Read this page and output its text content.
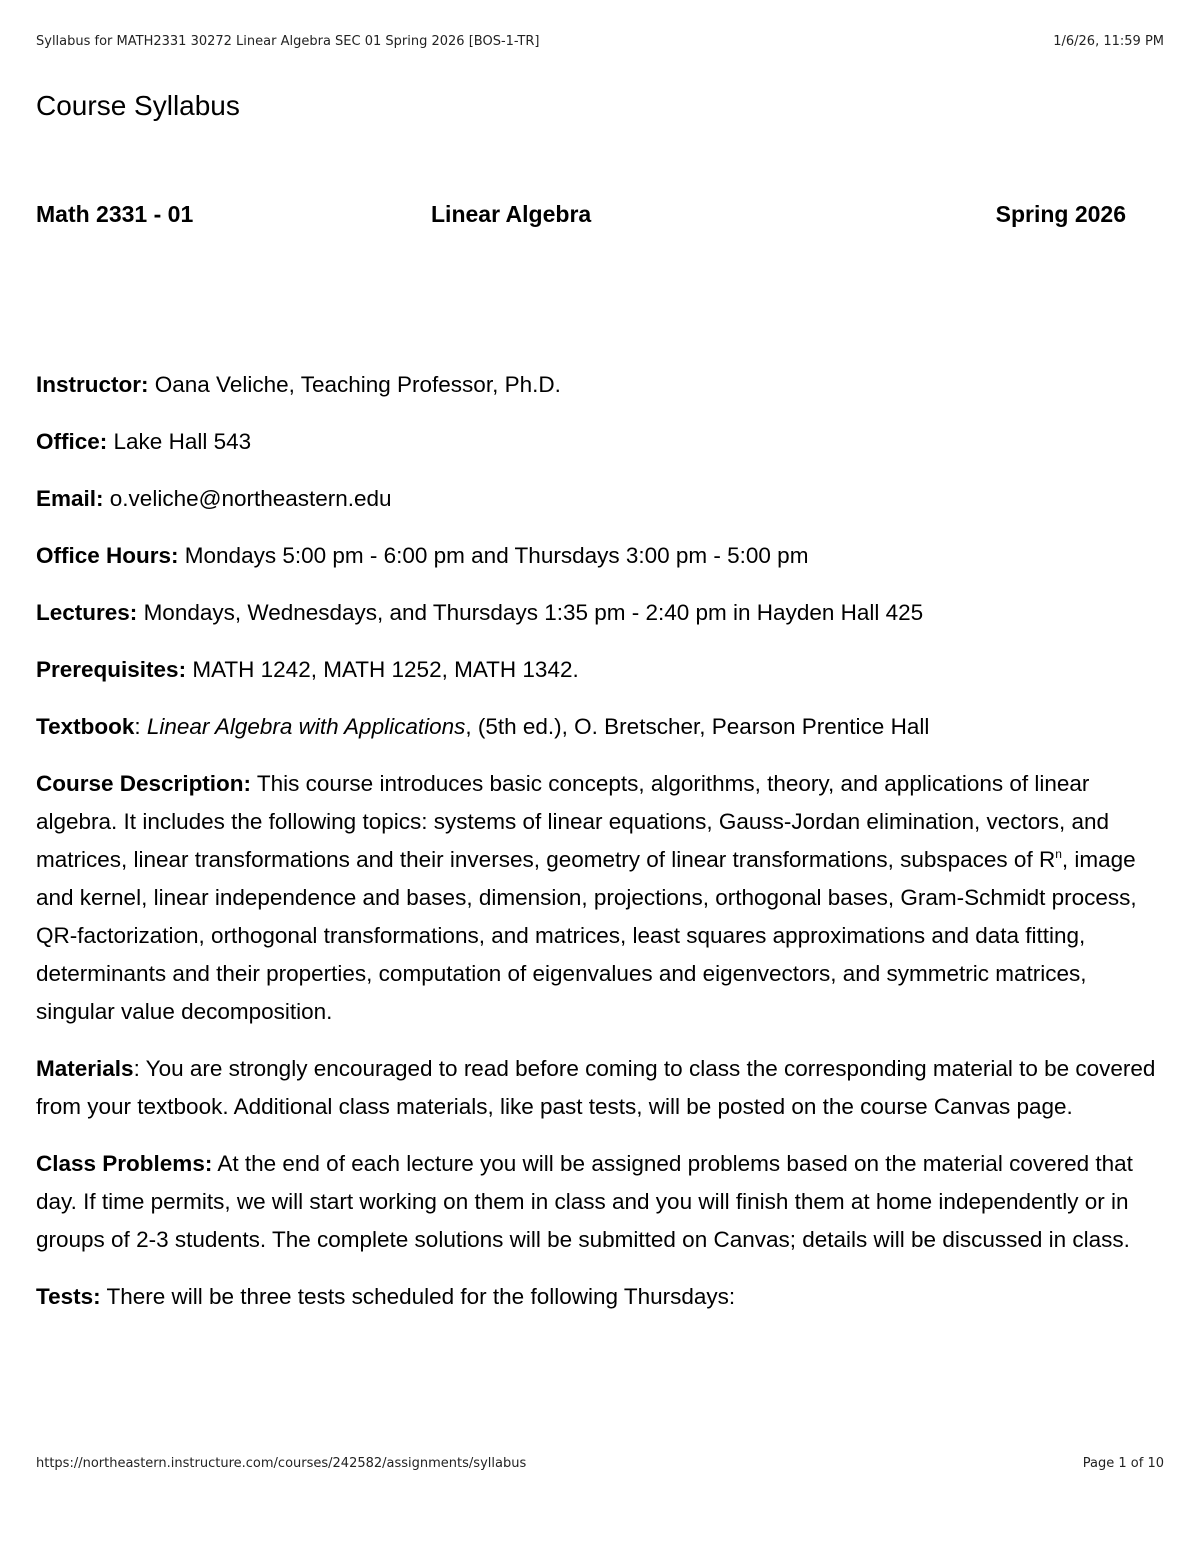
Syllabus for MATH2331 30272 Linear Algebra SEC 01 Spring 2026 [BOS-1-TR]	1/6/26, 11:59 PM
Course Syllabus
Math 2331 - 01	Linear Algebra	Spring 2026

Instructor: Oana Veliche, Teaching Professor, Ph.D.

Office: Lake Hall 543

Email: o.veliche@northeastern.edu

Office Hours: Mondays 5:00 pm - 6:00 pm and Thursdays 3:00 pm - 5:00 pm

Lectures: Mondays, Wednesdays, and Thursdays 1:35 pm - 2:40 pm in Hayden Hall 425

Prerequisites: MATH 1242, MATH 1252, MATH 1342.

Textbook: Linear Algebra with Applications, (5th ed.), O. Bretscher, Pearson Prentice Hall

Course Description: This course introduces basic concepts, algorithms, theory, and applications of linear algebra. It includes the following topics: systems of linear equations, Gauss-Jordan elimination, vectors, and matrices, linear transformations and their inverses, geometry of linear transformations, subspaces of $R^n$, image and kernel, linear independence and bases, dimension, projections, orthogonal bases, Gram-Schmidt process, QR-factorization, orthogonal transformations, and matrices, least squares approximations and data fitting, determinants and their properties, computation of eigenvalues and eigenvectors, and symmetric matrices, singular value decomposition.

Materials: You are strongly encouraged to read before coming to class the corresponding material to be covered from your textbook. Additional class materials, like past tests, will be posted on the course Canvas page.

Class Problems: At the end of each lecture you will be assigned problems based on the material covered that day. If time permits, we will start working on them in class and you will finish them at home independently or in groups of 2-3 students. The complete solutions will be submitted on Canvas; details will be discussed in class.

Tests: There will be three tests scheduled for the following Thursdays:

https://northeastern.instructure.com/courses/242582/assignments/syllabus	Page 1 of 10
